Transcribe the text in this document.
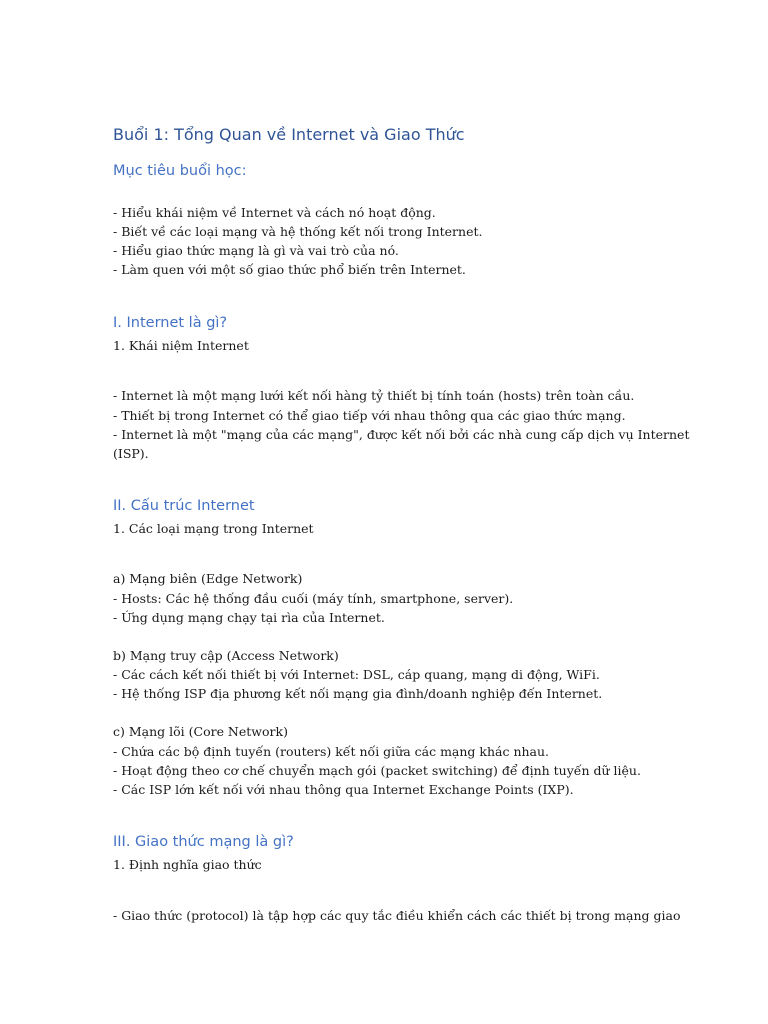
Buổi 1: Tổng Quan về Internet và Giao Thức
Mục tiêu buổi học:
- Hiểu khái niệm về Internet và cách nó hoạt động.
- Biết về các loại mạng và hệ thống kết nối trong Internet.
- Hiểu giao thức mạng là gì và vai trò của nó.
- Làm quen với một số giao thức phổ biến trên Internet.
I. Internet là gì?
1. Khái niệm Internet
- Internet là một mạng lưới kết nối hàng tỷ thiết bị tính toán (hosts) trên toàn cầu.
- Thiết bị trong Internet có thể giao tiếp với nhau thông qua các giao thức mạng.
- Internet là một "mạng của các mạng", được kết nối bởi các nhà cung cấp dịch vụ Internet
(ISP).
II. Cấu trúc Internet
1. Các loại mạng trong Internet
a) Mạng biên (Edge Network)
- Hosts: Các hệ thống đầu cuối (máy tính, smartphone, server).
- Ứng dụng mạng chạy tại rìa của Internet.
b) Mạng truy cập (Access Network)
- Các cách kết nối thiết bị với Internet: DSL, cáp quang, mạng di động, WiFi.
- Hệ thống ISP địa phương kết nối mạng gia đình/doanh nghiệp đến Internet.
c) Mạng lõi (Core Network)
- Chứa các bộ định tuyến (routers) kết nối giữa các mạng khác nhau.
- Hoạt động theo cơ chế chuyển mạch gói (packet switching) để định tuyến dữ liệu.
- Các ISP lớn kết nối với nhau thông qua Internet Exchange Points (IXP).
III. Giao thức mạng là gì?
1. Định nghĩa giao thức
- Giao thức (protocol) là tập hợp các quy tắc điều khiển cách các thiết bị trong mạng giao
